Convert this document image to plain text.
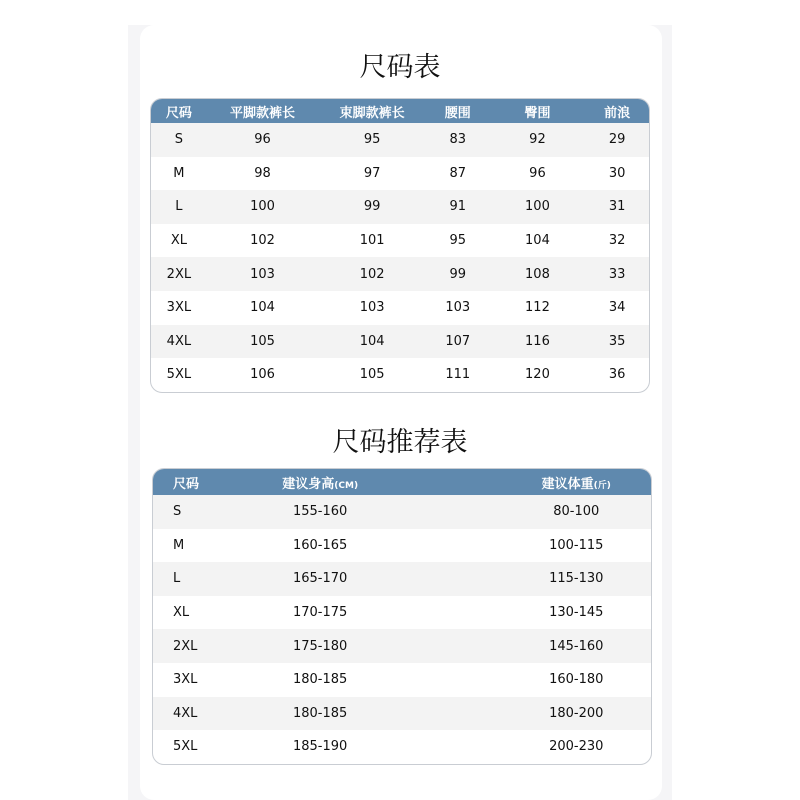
尺码表
尺码	平脚款裤长	束脚款裤长	腰围	臀围	前浪
S	96	95	83	92	29
M	98	97	87	96	30
L	100	99	91	100	31
XL	102	101	95	104	32
2XL	103	102	99	108	33
3XL	104	103	103	112	34
4XL	105	104	107	116	35
5XL	106	105	111	120	36
尺码推荐表
尺码	建议身高(CM)	建议体重(斤)
S	155-160	80-100
M	160-165	100-115
L	165-170	115-130
XL	170-175	130-145
2XL	175-180	145-160
3XL	180-185	160-180
4XL	180-185	180-200
5XL	185-190	200-230
